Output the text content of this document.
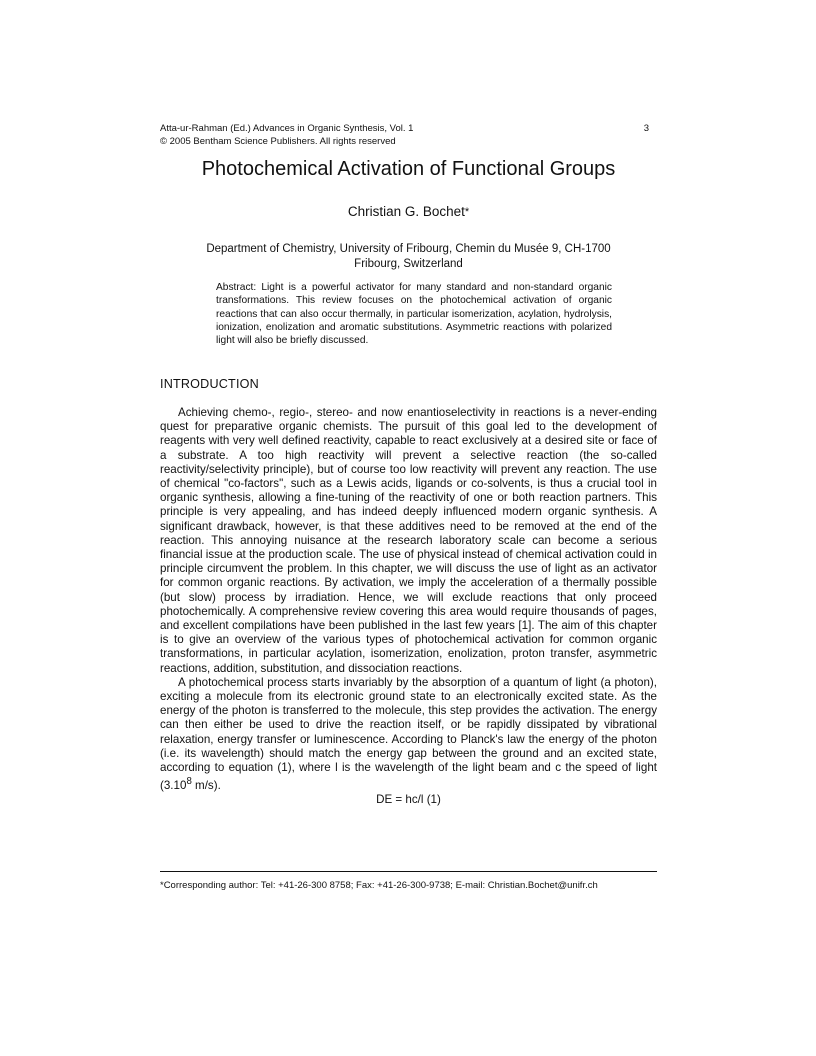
Atta-ur-Rahman (Ed.) Advances in Organic Synthesis, Vol. 1
© 2005 Bentham Science Publishers. All rights reserved
3
Photochemical Activation of Functional Groups
Christian G. Bochet*
Department of Chemistry, University of Fribourg, Chemin du Musée 9, CH-1700
Fribourg, Switzerland
Abstract: Light is a powerful activator for many standard and non-standard organic transformations. This review focuses on the photochemical activation of organic reactions that can also occur thermally, in particular isomerization, acylation, hydrolysis, ionization, enolization and aromatic substitutions. Asymmetric reactions with polarized light will also be briefly discussed.
INTRODUCTION

Achieving chemo-, regio-, stereo- and now enantioselectivity in reactions is a never-ending quest for preparative organic chemists. The pursuit of this goal led to the development of reagents with very well defined reactivity, capable to react exclusively at a desired site or face of a substrate. A too high reactivity will prevent a selective reaction (the so-called reactivity/selectivity principle), but of course too low reactivity will prevent any reaction. The use of chemical "co-factors", such as a Lewis acids, ligands or co-solvents, is thus a crucial tool in organic synthesis, allowing a fine-tuning of the reactivity of one or both reaction partners. This principle is very appealing, and has indeed deeply influenced modern organic synthesis. A significant drawback, however, is that these additives need to be removed at the end of the reaction. This annoying nuisance at the research laboratory scale can become a serious financial issue at the production scale. The use of physical instead of chemical activation could in principle circumvent the problem. In this chapter, we will discuss the use of light as an activator for common organic reactions. By activation, we imply the acceleration of a thermally possible (but slow) process by irradiation. Hence, we will exclude reactions that only proceed photochemically. A comprehensive review covering this area would require thousands of pages, and excellent compilations have been published in the last few years [1]. The aim of this chapter is to give an overview of the various types of photochemical activation for common organic transformations, in particular acylation, isomerization, enolization, proton transfer, asymmetric reactions, addition, substitution, and dissociation reactions.

A photochemical process starts invariably by the absorption of a quantum of light (a photon), exciting a molecule from its electronic ground state to an electronically excited state. As the energy of the photon is transferred to the molecule, this step provides the activation. The energy can then either be used to drive the reaction itself, or be rapidly dissipated by vibrational relaxation, energy transfer or luminescence. According to Planck's law the energy of the photon (i.e. its wavelength) should match the energy gap between the ground and an excited state, according to equation (1), where l is the wavelength of the light beam and c the speed of light (3.10$^8$ m/s).

DE = hc/l (1)

*Corresponding author: Tel: +41-26-300 8758; Fax: +41-26-300-9738; E-mail: Christian.Bochet@unifr.ch
